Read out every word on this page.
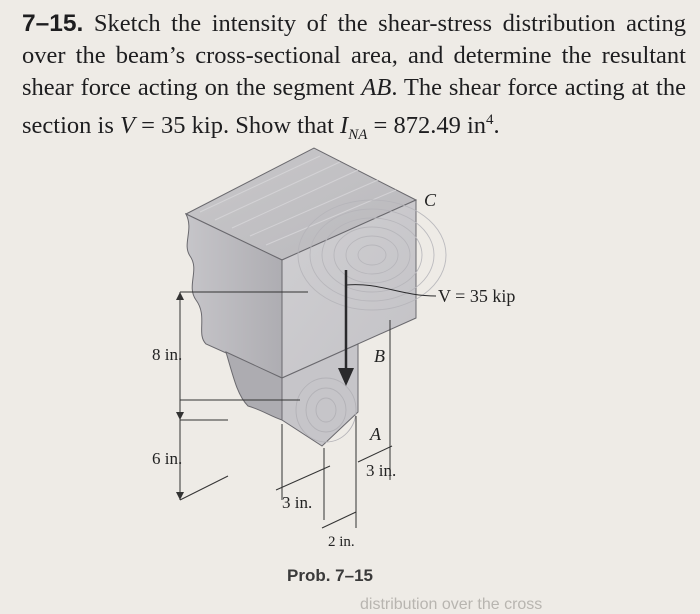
7–15. Sketch the intensity of the shear-stress distribution acting over the beam’s cross-sectional area, and determine the resultant shear force acting on the segment AB. The shear force acting at the section is V = 35 kip. Show that $I_{NA} = 872.49$ $in^4$.
C
V = 35 kip
B
A
8 in.
6 in.
3 in.
3 in.
2 in.
Prob. 7–15
distribution over the cross
